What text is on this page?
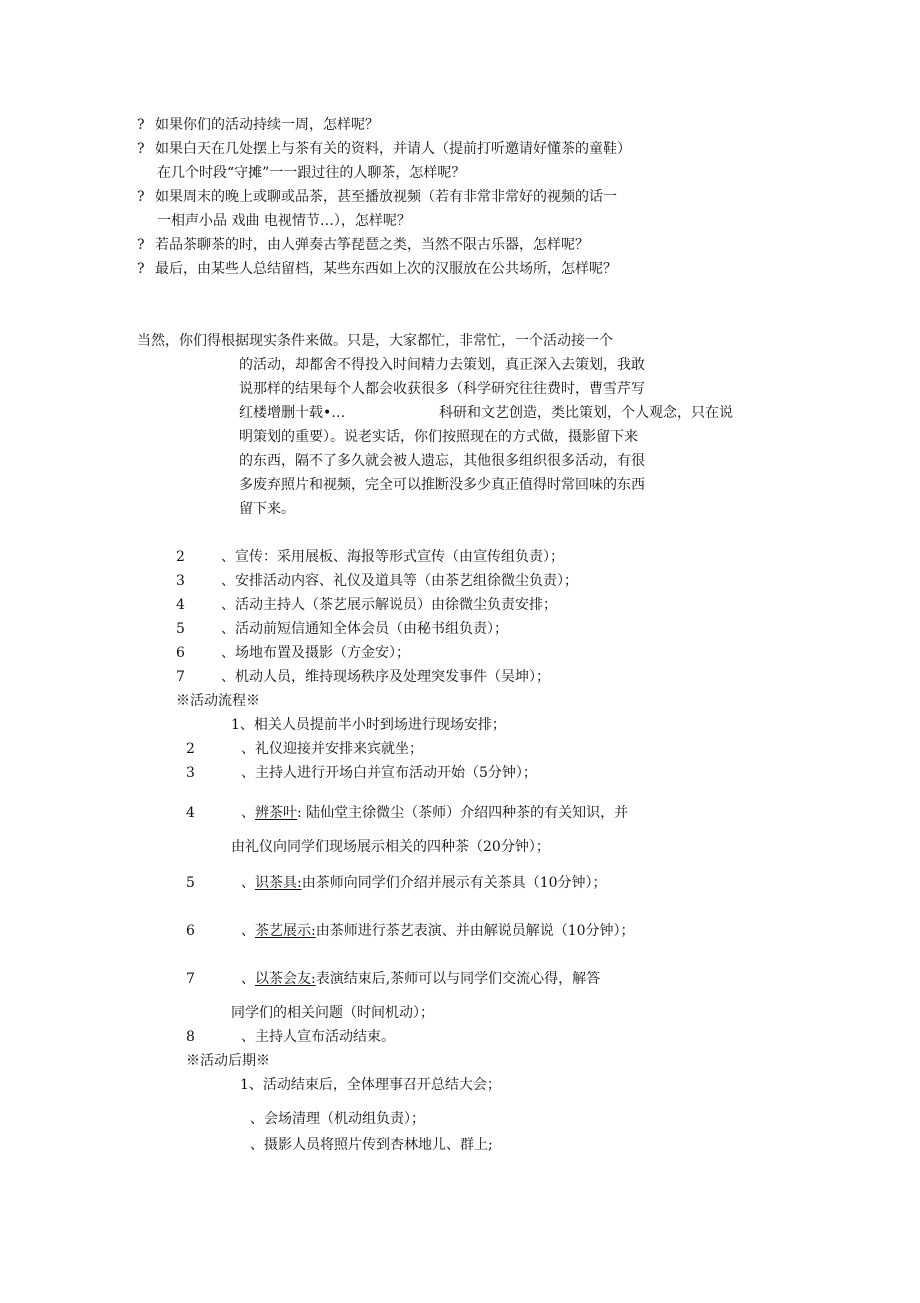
? 如果你们的活动持续一周，怎样呢？
? 如果白天在几处摆上与茶有关的资料，并请人（提前打听邀请好懂茶的童鞋）
在几个时段“守摊”一一跟过往的人聊茶，怎样呢？
? 如果周末的晚上或聊或品茶，甚至播放视频（若有非常非常好的视频的话一
一相声小品 戏曲 电视情节…），怎样呢？
? 若品茶聊茶的时，由人弹奏古筝琵琶之类，当然不限古乐器，怎样呢？
? 最后，由某些人总结留档，某些东西如上次的汉服放在公共场所，怎样呢？
当然，你们得根据现实条件来做。只是，大家都忙，非常忙，一个活动接一个
的活动，却都舍不得投入时间精力去策划，真正深入去策划，我敢
说那样的结果每个人都会收获很多（科学研究往往费时，曹雪芹写
红楼增删十载•…	科研和文艺创造，类比策划，个人观念，只在说
明策划的重要）。说老实话，你们按照现在的方式做，摄影留下来
的东西，隔不了多久就会被人遗忘，其他很多组织很多活动，有很
多废弃照片和视频，完全可以推断没多少真正值得时常回味的东西
留下来。
2	、宣传：采用展板、海报等形式宣传（由宣传组负责）；
3	、安排活动内容、礼仪及道具等（由茶艺组徐微尘负责）；
4	、活动主持人（茶艺展示解说员）由徐微尘负责安排；
5	、活动前短信通知全体会员（由秘书组负责）；
6	、场地布置及摄影（方金安）；
7	、机动人员，维持现场秩序及处理突发事件（吴坤）；
※活动流程※
1、相关人员提前半小时到场进行现场安排；
2	、礼仪迎接并安排来宾就坐；
3	、主持人进行开场白并宣布活动开始（5分钟）；
4	、辨茶叶: 陆仙堂主徐微尘（茶师）介绍四种茶的有关知识，并
由礼仪向同学们现场展示相关的四种茶（20分钟）；
5	、识茶具:由茶师向同学们介绍并展示有关茶具（10分钟）；
6	、茶艺展示:由茶师进行茶艺表演、并由解说员解说（10分钟）；
7	、以茶会友:表演结束后,茶师可以与同学们交流心得，解答
同学们的相关问题（时间机动）；
8	、主持人宣布活动结束。
※活动后期※
1、活动结束后，全体理事召开总结大会；
、会场清理（机动组负责）；
、摄影人员将照片传到杏林地儿、群上;
